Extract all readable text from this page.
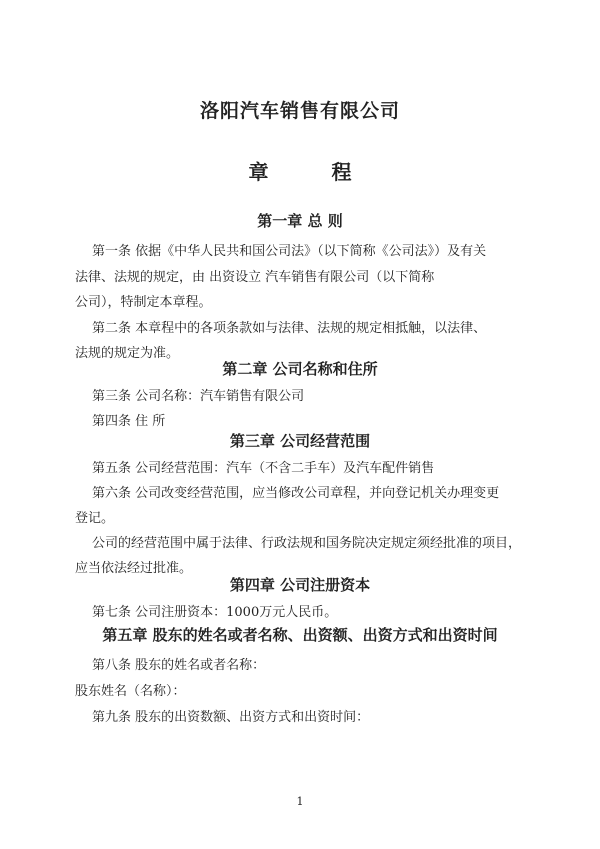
洛阳汽车销售有限公司
章 程
第一章 总 则
第一条 依据《中华人民共和国公司法》（以下简称《公司法》）及有关
法律、法规的规定，由 出资设立 汽车销售有限公司（以下简称
公司），特制定本章程。
第二条 本章程中的各项条款如与法律、法规的规定相抵触，以法律、
法规的规定为准。
第二章 公司名称和住所
第三条 公司名称：汽车销售有限公司
第四条 住 所
第三章 公司经营范围
第五条 公司经营范围：汽车（不含二手车）及汽车配件销售
第六条 公司改变经营范围，应当修改公司章程，并向登记机关办理变更
登记。
公司的经营范围中属于法律、行政法规和国务院决定规定须经批准的项目，
应当依法经过批准。
第四章 公司注册资本
第七条 公司注册资本：1000万元人民币。
第五章 股东的姓名或者名称、出资额、出资方式和出资时间
第八条 股东的姓名或者名称：
股东姓名（名称）：
第九条 股东的出资数额、出资方式和出资时间：
1
